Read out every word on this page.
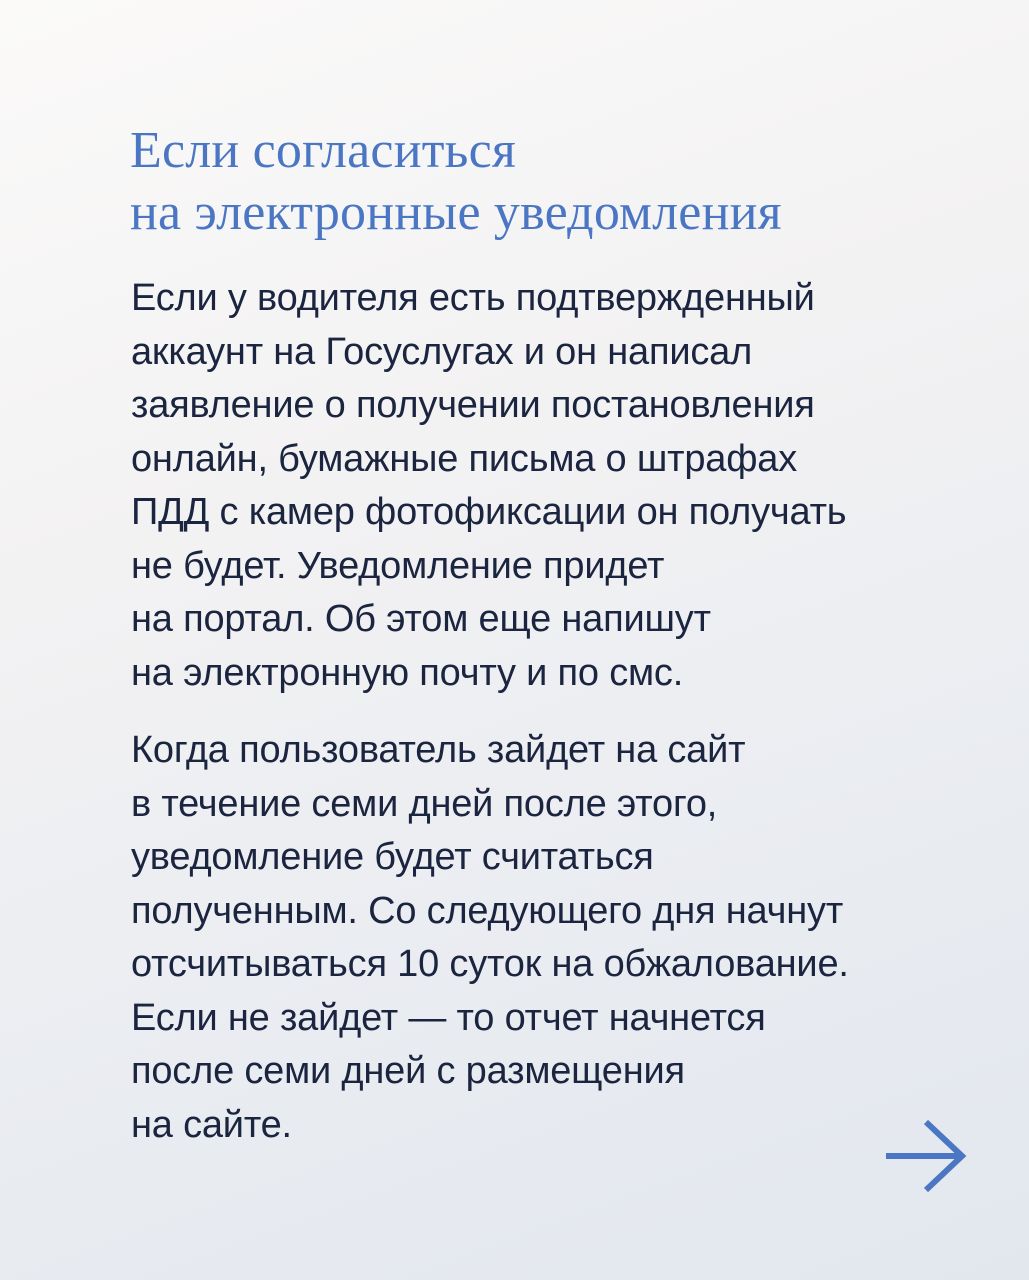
Если согласиться
на электронные уведомления

Если у водителя есть подтвержденный
аккаунт на Госуслугах и он написал
заявление о получении постановления
онлайн, бумажные письма о штрафах
ПДД с камер фотофиксации он получать
не будет. Уведомление придет
на портал. Об этом еще напишут
на электронную почту и по смс.

Когда пользователь зайдет на сайт
в течение семи дней после этого,
уведомление будет считаться
полученным. Со следующего дня начнут
отсчитываться 10 суток на обжалование.
Если не зайдет — то отчет начнется
после семи дней с размещения
на сайте.
